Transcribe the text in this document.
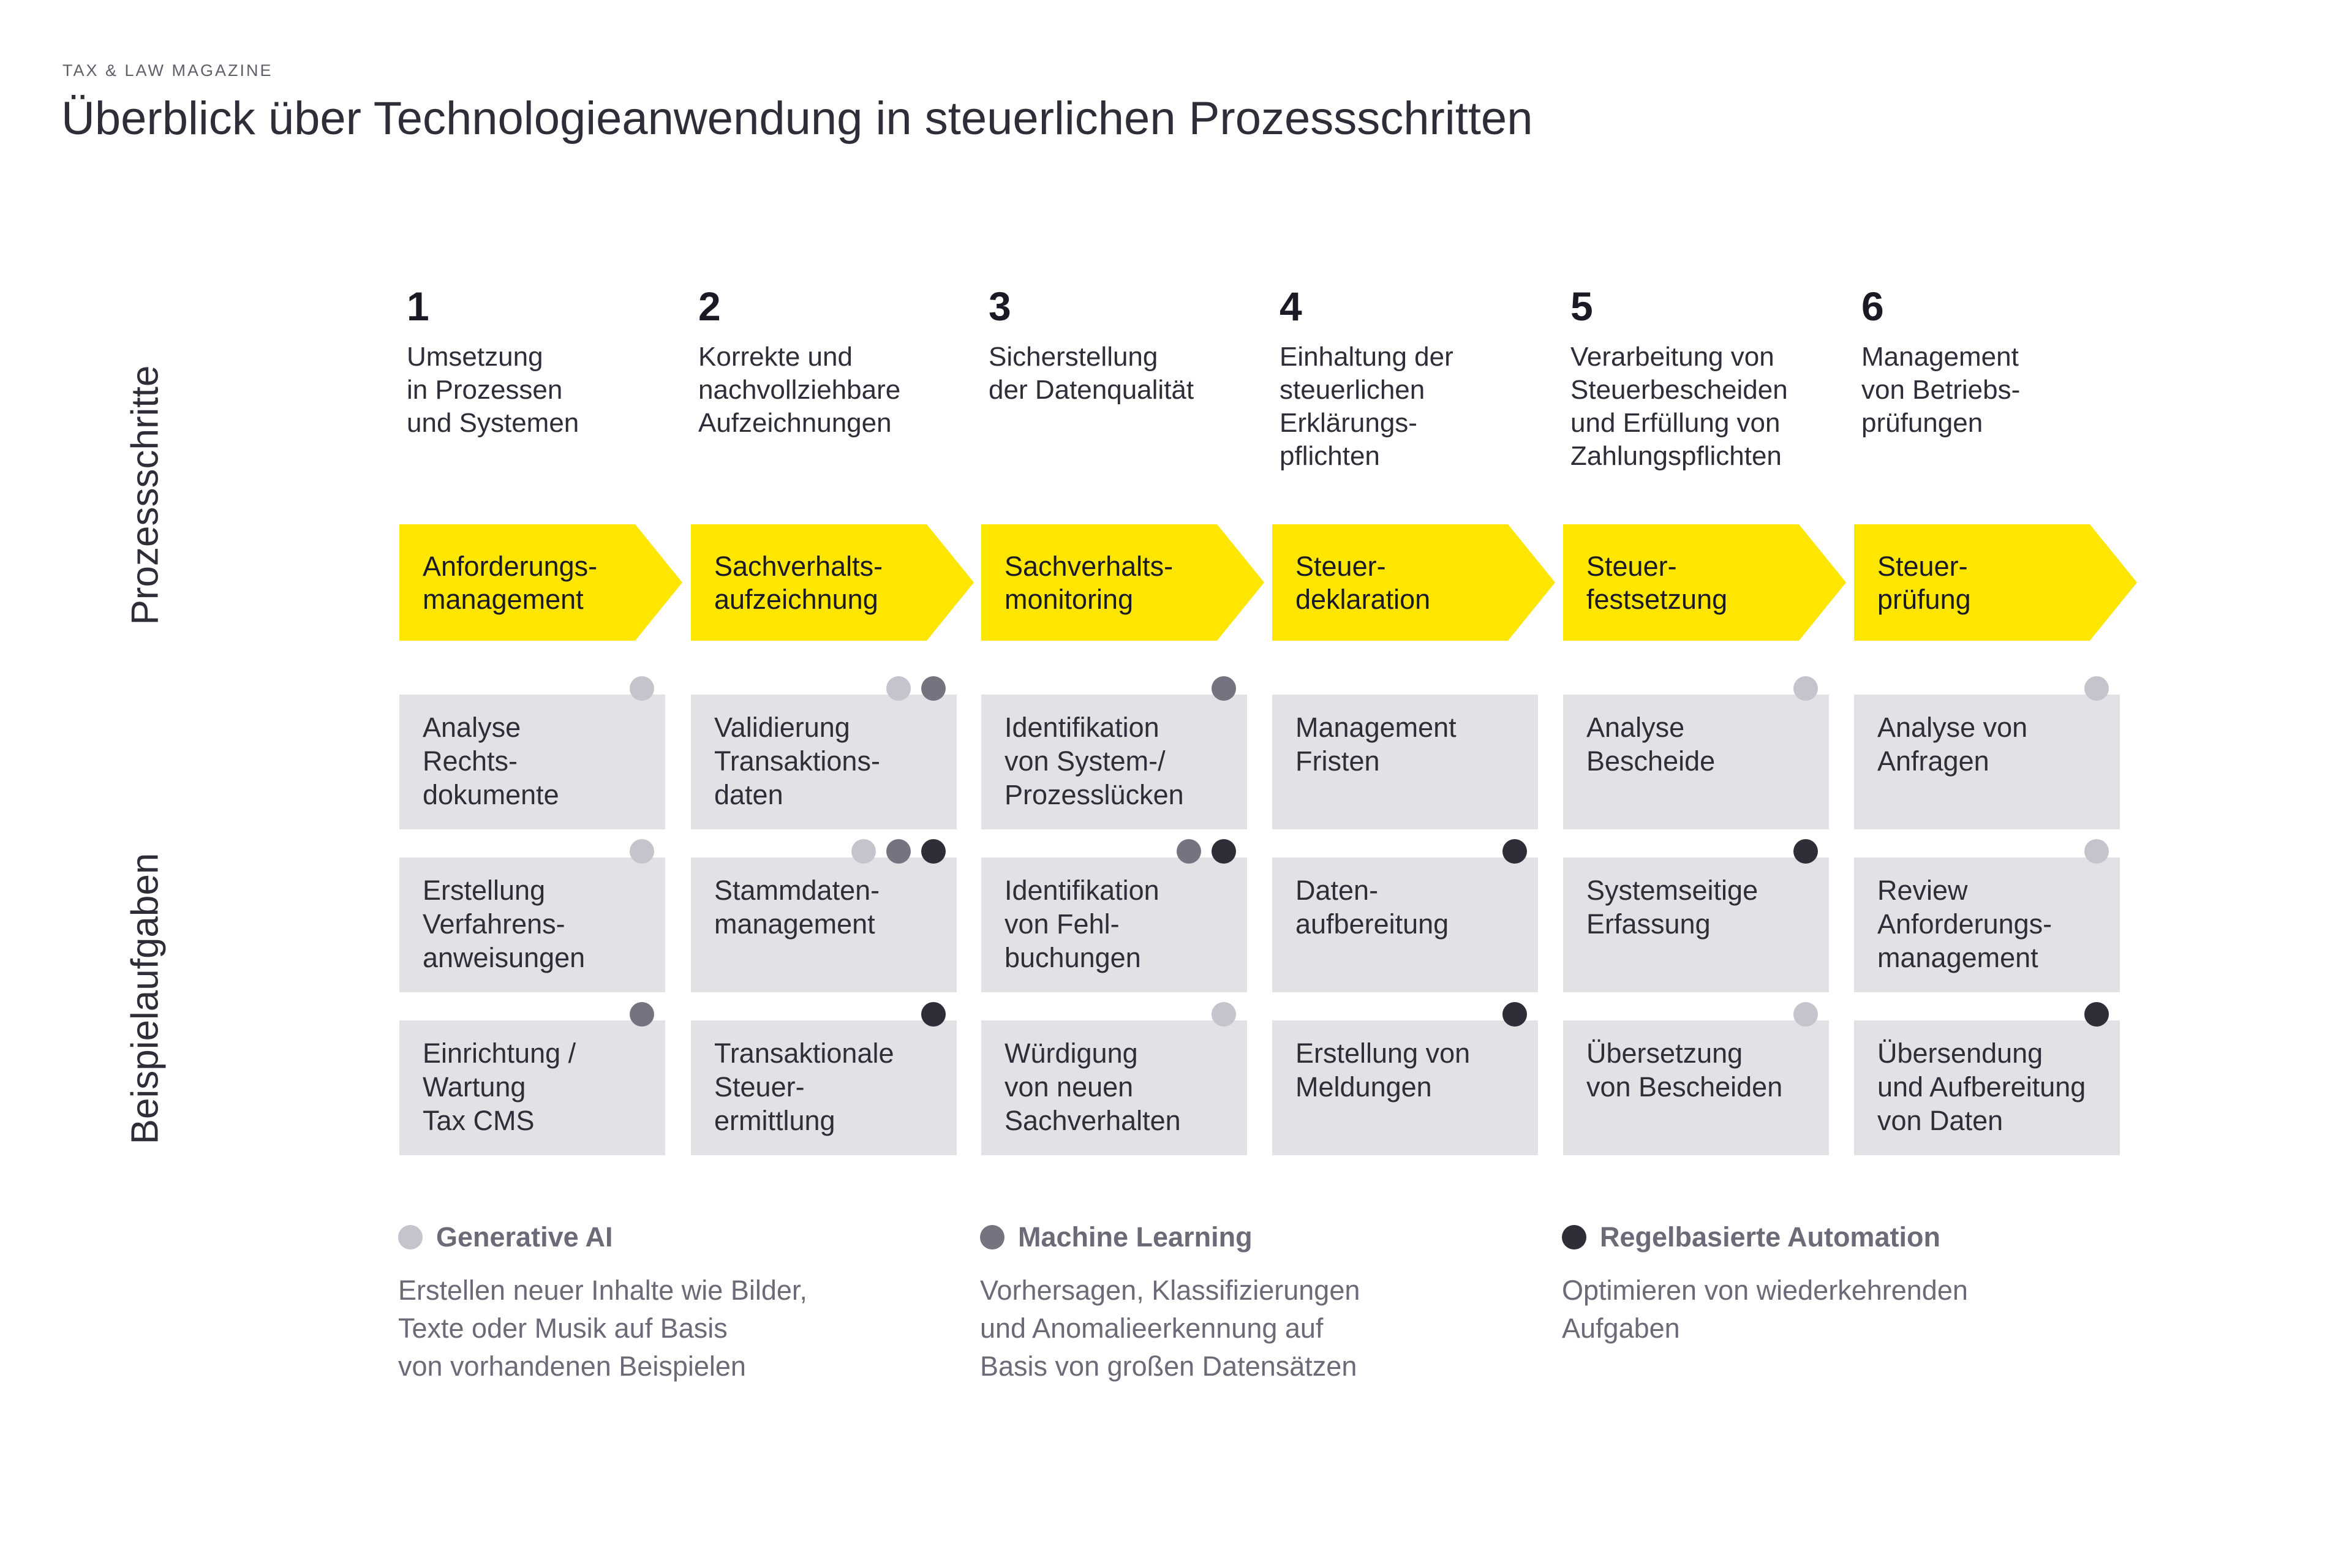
TAX & LAW MAGAZINE
Überblick über Technologieanwendung in steuerlichen Prozessschritten
Prozessschritte
Beispielaufgaben
1
Umsetzung
in Prozessen
und Systemen
Anforderungs-
management
Analyse
Rechts-
dokumente
Erstellung
Verfahrens-
anweisungen
Einrichtung /
Wartung
Tax CMS
2
Korrekte und
nachvollziehbare
Aufzeichnungen
Sachverhalts-
aufzeichnung
Validierung
Transaktions-
daten
Stammdaten-
management
Transaktionale
Steuer-
ermittlung
3
Sicherstellung
der Datenqualität
Sachverhalts-
monitoring
Identifikation
von System-/
Prozesslücken
Identifikation
von Fehl-
buchungen
Würdigung
von neuen
Sachverhalten
4
Einhaltung der
steuerlichen
Erklärungs-
pflichten
Steuer-
deklaration
Management
Fristen
Daten-
aufbereitung
Erstellung von
Meldungen
5
Verarbeitung von
Steuerbescheiden
und Erfüllung von
Zahlungspflichten
Steuer-
festsetzung
Analyse
Bescheide
Systemseitige
Erfassung
Übersetzung
von Bescheiden
6
Management
von Betriebs-
prüfungen
Steuer-
prüfung
Analyse von
Anfragen
Review
Anforderungs-
management
Übersendung
und Aufbereitung
von Daten
Generative AI
Erstellen neuer Inhalte wie Bilder,
Texte oder Musik auf Basis
von vorhandenen Beispielen
Machine Learning
Vorhersagen, Klassifizierungen
und Anomalieerkennung auf
Basis von großen Datensätzen
Regelbasierte Automation
Optimieren von wiederkehrenden Aufgaben
